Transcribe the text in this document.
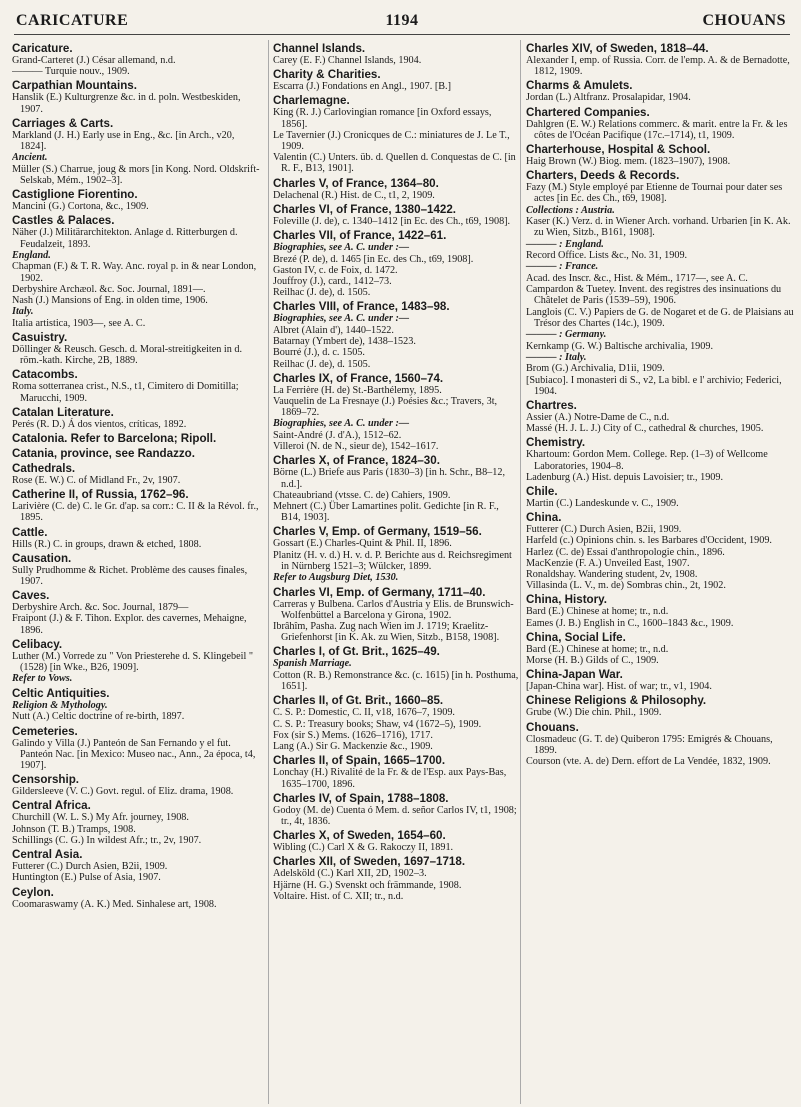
CARICATURE	1194	CHOUANS
Caricature.
Grand-Carteret (J.) César allemand, n.d.
——— Turquie nouv., 1909.
Carpathian Mountains.
Hanslik (E.) Kulturgrenze &c. in d. poln. Westbeskiden, 1907.
Carriages & Carts.
Markland (J. H.) Early use in Eng., &c. [in Arch., v20, 1824].
Ancient.
Müller (S.) Charrue, joug & mors [in Kong. Nord. Oldskrift-Selskab, Mém., 1902–3].
Castiglione Fiorentino.
Mancini (G.) Cortona, &c., 1909.
Castles & Palaces.
Näher (J.) Militärarchitekton. Anlage d. Ritterburgen d. Feudalzeit, 1893.
England.
Chapman (F.) & T. R. Way. Anc. royal p. in & near London, 1902.
Derbyshire Archæol. &c. Soc. Journal, 1891—.
Nash (J.) Mansions of Eng. in olden time, 1906.
Italy.
Italia artistica, 1903—, see A. C.
Casuistry.
Döllinger & Reusch. Gesch. d. Moral-streitigkeiten in d. röm.-kath. Kirche, 2B, 1889.
Catacombs.
Roma sotterranea crist., N.S., t1, Cimitero di Domitilla; Marucchi, 1909.
Catalan Literature.
Perés (R. D.) Á dos vientos, críticas, 1892.
Catalonia. Refer to Barcelona; Ripoll.
Catania, province, see Randazzo.
Cathedrals.
Rose (E. W.) C. of Midland Fr., 2v, 1907.
Catherine II, of Russia, 1762–96.
Larivière (C. de) C. le Gr. d'ap. sa corr.: C. II & la Révol. fr., 1895.
Cattle.
Hills (R.) C. in groups, drawn & etched, 1808.
Causation.
Sully Prudhomme & Richet. Problème des causes finales, 1907.
Caves.
Derbyshire Arch. &c. Soc. Journal, 1879—
Fraipont (J.) & F. Tihon. Explor. des cavernes, Mehaigne, 1896.
Celibacy.
Luther (M.) Vorrede zu " Von Priesterehe d. S. Klingebeil " (1528) [in Wke., B26, 1909].
Refer to Vows.
Celtic Antiquities.
Religion & Mythology.
Nutt (A.) Celtic doctrine of re-birth, 1897.
Cemeteries.
Galindo y Villa (J.) Panteón de San Fernando y el fut. Panteón Nac. [in Mexico: Museo nac., Ann., 2a época, t4, 1907].
Censorship.
Gildersleeve (V. C.) Govt. regul. of Eliz. drama, 1908.
Central Africa.
Churchill (W. L. S.) My Afr. journey, 1908.
Johnson (T. B.) Tramps, 1908.
Schillings (C. G.) In wildest Afr.; tr., 2v, 1907.
Central Asia.
Futterer (C.) Durch Asien, B2ii, 1909.
Huntington (E.) Pulse of Asia, 1907.
Ceylon.
Coomaraswamy (A. K.) Med. Sinhalese art, 1908.
Channel Islands.
Carey (E. F.) Channel Islands, 1904.
Charity & Charities.
Escarra (J.) Fondations en Angl., 1907. [B.]
Charlemagne.
King (R. J.) Carlovingian romance [in Oxford essays, 1856].
Le Tavernier (J.) Cronicques de C.: miniatures de J. Le T., 1909.
Valentin (C.) Unters. üb. d. Quellen d. Conquestas de C. [in R. F., B13, 1901].
Charles V, of France, 1364–80.
Delachenal (R.) Hist. de C., t1, 2, 1909.
Charles VI, of France, 1380–1422.
Foleville (J. de), c. 1340–1412 [in Ec. des Ch., t69, 1908].
Charles VII, of France, 1422–61.
Biographies, see A. C. under :—
Brezé (P. de), d. 1465 [in Ec. des Ch., t69, 1908].
Gaston IV, c. de Foix, d. 1472.
Jouffroy (J.), card., 1412–73.
Reilhac (J. de), d. 1505.
Charles VIII, of France, 1483–98.
Biographies, see A. C. under :—
Albret (Alain d'), 1440–1522.
Batarnay (Ymbert de), 1438–1523.
Bourré (J.), d. c. 1505.
Reilhac (J. de), d. 1505.
Charles IX, of France, 1560–74.
La Ferrière (H. de) St.-Barthélemy, 1895.
Vauquelin de La Fresnaye (J.) Poésies &c.; Travers, 3t, 1869–72.
Biographies, see A. C. under :—
Saint-André (J. d'A.), 1512–62.
Villeroi (N. de N., sieur de), 1542–1617.
Charles X, of France, 1824–30.
Börne (L.) Briefe aus Paris (1830–3) [in h. Schr., B8–12, n.d.].
Chateaubriand (vtsse. C. de) Cahiers, 1909.
Mehnert (C.) Über Lamartines polit. Gedichte [in R. F., B14, 1903].
Charles V, Emp. of Germany, 1519–56.
Gossart (E.) Charles-Quint & Phil. II, 1896.
Planitz (H. v. d.) H. v. d. P. Berichte aus d. Reichsregiment in Nürnberg 1521–3; Wülcker, 1899.
Refer to Augsburg Diet, 1530.
Charles VI, Emp. of Germany, 1711–40.
Carreras y Bulbena. Carlos d'Austria y Elis. de Brunswich-Wolfenbüttel a Barcelona y Girona, 1902.
Ibrâhîm, Pasha. Zug nach Wien im J. 1719; Kraelitz-Griefenhorst [in K. Ak. zu Wien, Sitzb., B158, 1908].
Charles I, of Gt. Brit., 1625–49.
Spanish Marriage.
Cotton (R. B.) Remonstrance &c. (c. 1615) [in h. Posthuma, 1651].
Charles II, of Gt. Brit., 1660–85.
C. S. P.: Domestic, C. II, v18, 1676–7, 1909.
C. S. P.: Treasury books; Shaw, v4 (1672–5), 1909.
Fox (sir S.) Mems. (1626–1716), 1717.
Lang (A.) Sir G. Mackenzie &c., 1909.
Charles II, of Spain, 1665–1700.
Lonchay (H.) Rivalité de la Fr. & de l'Esp. aux Pays-Bas, 1635–1700, 1896.
Charles IV, of Spain, 1788–1808.
Godoy (M. de) Cuenta ó Mem. d. señor Carlos IV, t1, 1908; tr., 4t, 1836.
Charles X, of Sweden, 1654–60.
Wibling (C.) Carl X & G. Rakoczy II, 1891.
Charles XII, of Sweden, 1697–1718.
Adelsköld (C.) Karl XII, 2D, 1902–3.
Hjärne (H. G.) Svenskt och främmande, 1908.
Voltaire. Hist. of C. XII; tr., n.d.
Charles XIV, of Sweden, 1818–44.
Alexander I, emp. of Russia. Corr. de l'emp. A. & de Bernadotte, 1812, 1909.
Charms & Amulets.
Jordan (L.) Altfranz. Prosalapidar, 1904.
Chartered Companies.
Dahlgren (E. W.) Relations commerc. & marit. entre la Fr. & les côtes de l'Océan Pacifique (17c.–1714), t1, 1909.
Charterhouse, Hospital & School.
Haig Brown (W.) Biog. mem. (1823–1907), 1908.
Charters, Deeds & Records.
Fazy (M.) Style employé par Etienne de Tournai pour dater ses actes [in Ec. des Ch., t69, 1908].
Collections : Austria.
Kaser (K.) Verz. d. in Wiener Arch. vorhand. Urbarien [in K. Ak. zu Wien, Sitzb., B161, 1908].
——— : England.
Record Office. Lists &c., No. 31, 1909.
——— : France.
Acad. des Inscr. &c., Hist. & Mém., 1717—, see A. C.
Campardon & Tuetey. Invent. des registres des insinuations du Châtelet de Paris (1539–59), 1906.
Langlois (C. V.) Papiers de G. de Nogaret et de G. de Plaisians au Trésor des Chartes (14c.), 1909.
——— : Germany.
Kernkamp (G. W.) Baltische archivalia, 1909.
——— : Italy.
Brom (G.) Archivalia, D1ii, 1909.
[Subiaco]. I monasteri di S., v2, La bibl. e l' archivio; Federici, 1904.
Chartres.
Assier (A.) Notre-Dame de C., n.d.
Massé (H. J. L. J.) City of C., cathedral & churches, 1905.
Chemistry.
Khartoum: Gordon Mem. College. Rep. (1–3) of Wellcome Laboratories, 1904–8.
Ladenburg (A.) Hist. depuis Lavoisier; tr., 1909.
Chile.
Martin (C.) Landeskunde v. C., 1909.
China.
Futterer (C.) Durch Asien, B2ii, 1909.
Harfeld (c.) Opinions chin. s. les Barbares d'Occident, 1909.
Harlez (C. de) Essai d'anthropologie chin., 1896.
MacKenzie (F. A.) Unveiled East, 1907.
Ronaldshay. Wandering student, 2v, 1908.
Villasinda (L. V., m. de) Sombras chin., 2t, 1902.
China, History.
Bard (E.) Chinese at home; tr., n.d.
Eames (J. B.) English in C., 1600–1843 &c., 1909.
China, Social Life.
Bard (E.) Chinese at home; tr., n.d.
Morse (H. B.) Gilds of C., 1909.
China-Japan War.
[Japan-China war]. Hist. of war; tr., v1, 1904.
Chinese Religions & Philosophy.
Grube (W.) Die chin. Phil., 1909.
Chouans.
Closmadeuc (G. T. de) Quiberon 1795: Emigrés & Chouans, 1899.
Courson (vte. A. de) Dern. effort de La Vendée, 1832, 1909.
